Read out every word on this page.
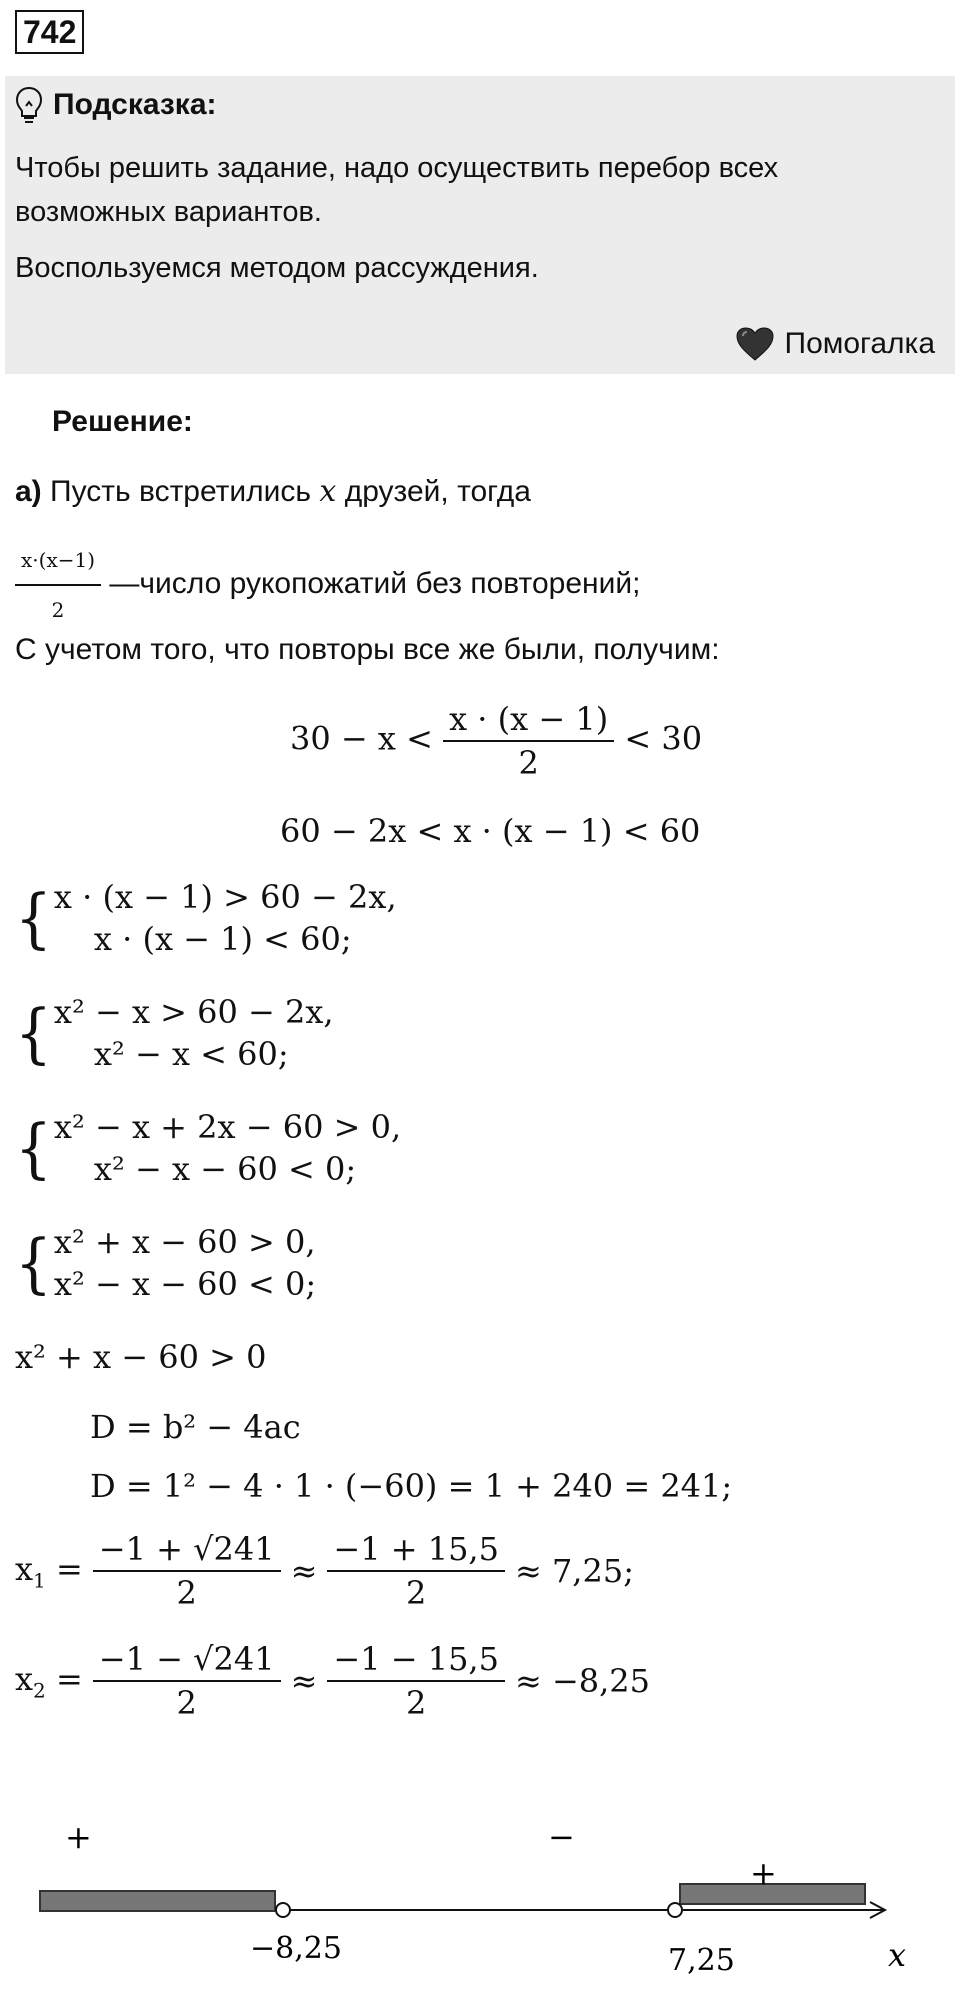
742
Подсказка:
Чтобы решить задание, надо осуществить перебор всех возможных вариантов.
Воспользуемся методом рассуждения.
Помогалка
Решение:
а) Пусть встретились x друзей, тогда
$\frac{x\cdot(x-1)}{2}$ —число рукопожатий без повторений;
С учетом того, что повторы все же были, получим:
$30 - x < \frac{x \cdot (x - 1)}{2} < 30$
60 − 2x < x · (x − 1) < 60
{ x · (x − 1) > 60 − 2x,
x · (x − 1) < 60;
{ x² − x > 60 − 2x,
x² − x < 60;
{ x² − x + 2x − 60 > 0,
x² − x − 60 < 0;
{ x² + x − 60 > 0,
x² − x − 60 < 0;
x² + x − 60 > 0
D = b² − 4ac
D = 1² − 4 · 1 · (−60) = 1 + 240 = 241;
$x_1 = \frac{-1 + √241}{2} \approx \frac{-1 + 15,5}{2} \approx 7,25$;
$x_2 = \frac{-1 - √241}{2} \approx \frac{-1 - 15,5}{2} \approx -8,25$
+	−
+
−8,25	7,25	x
